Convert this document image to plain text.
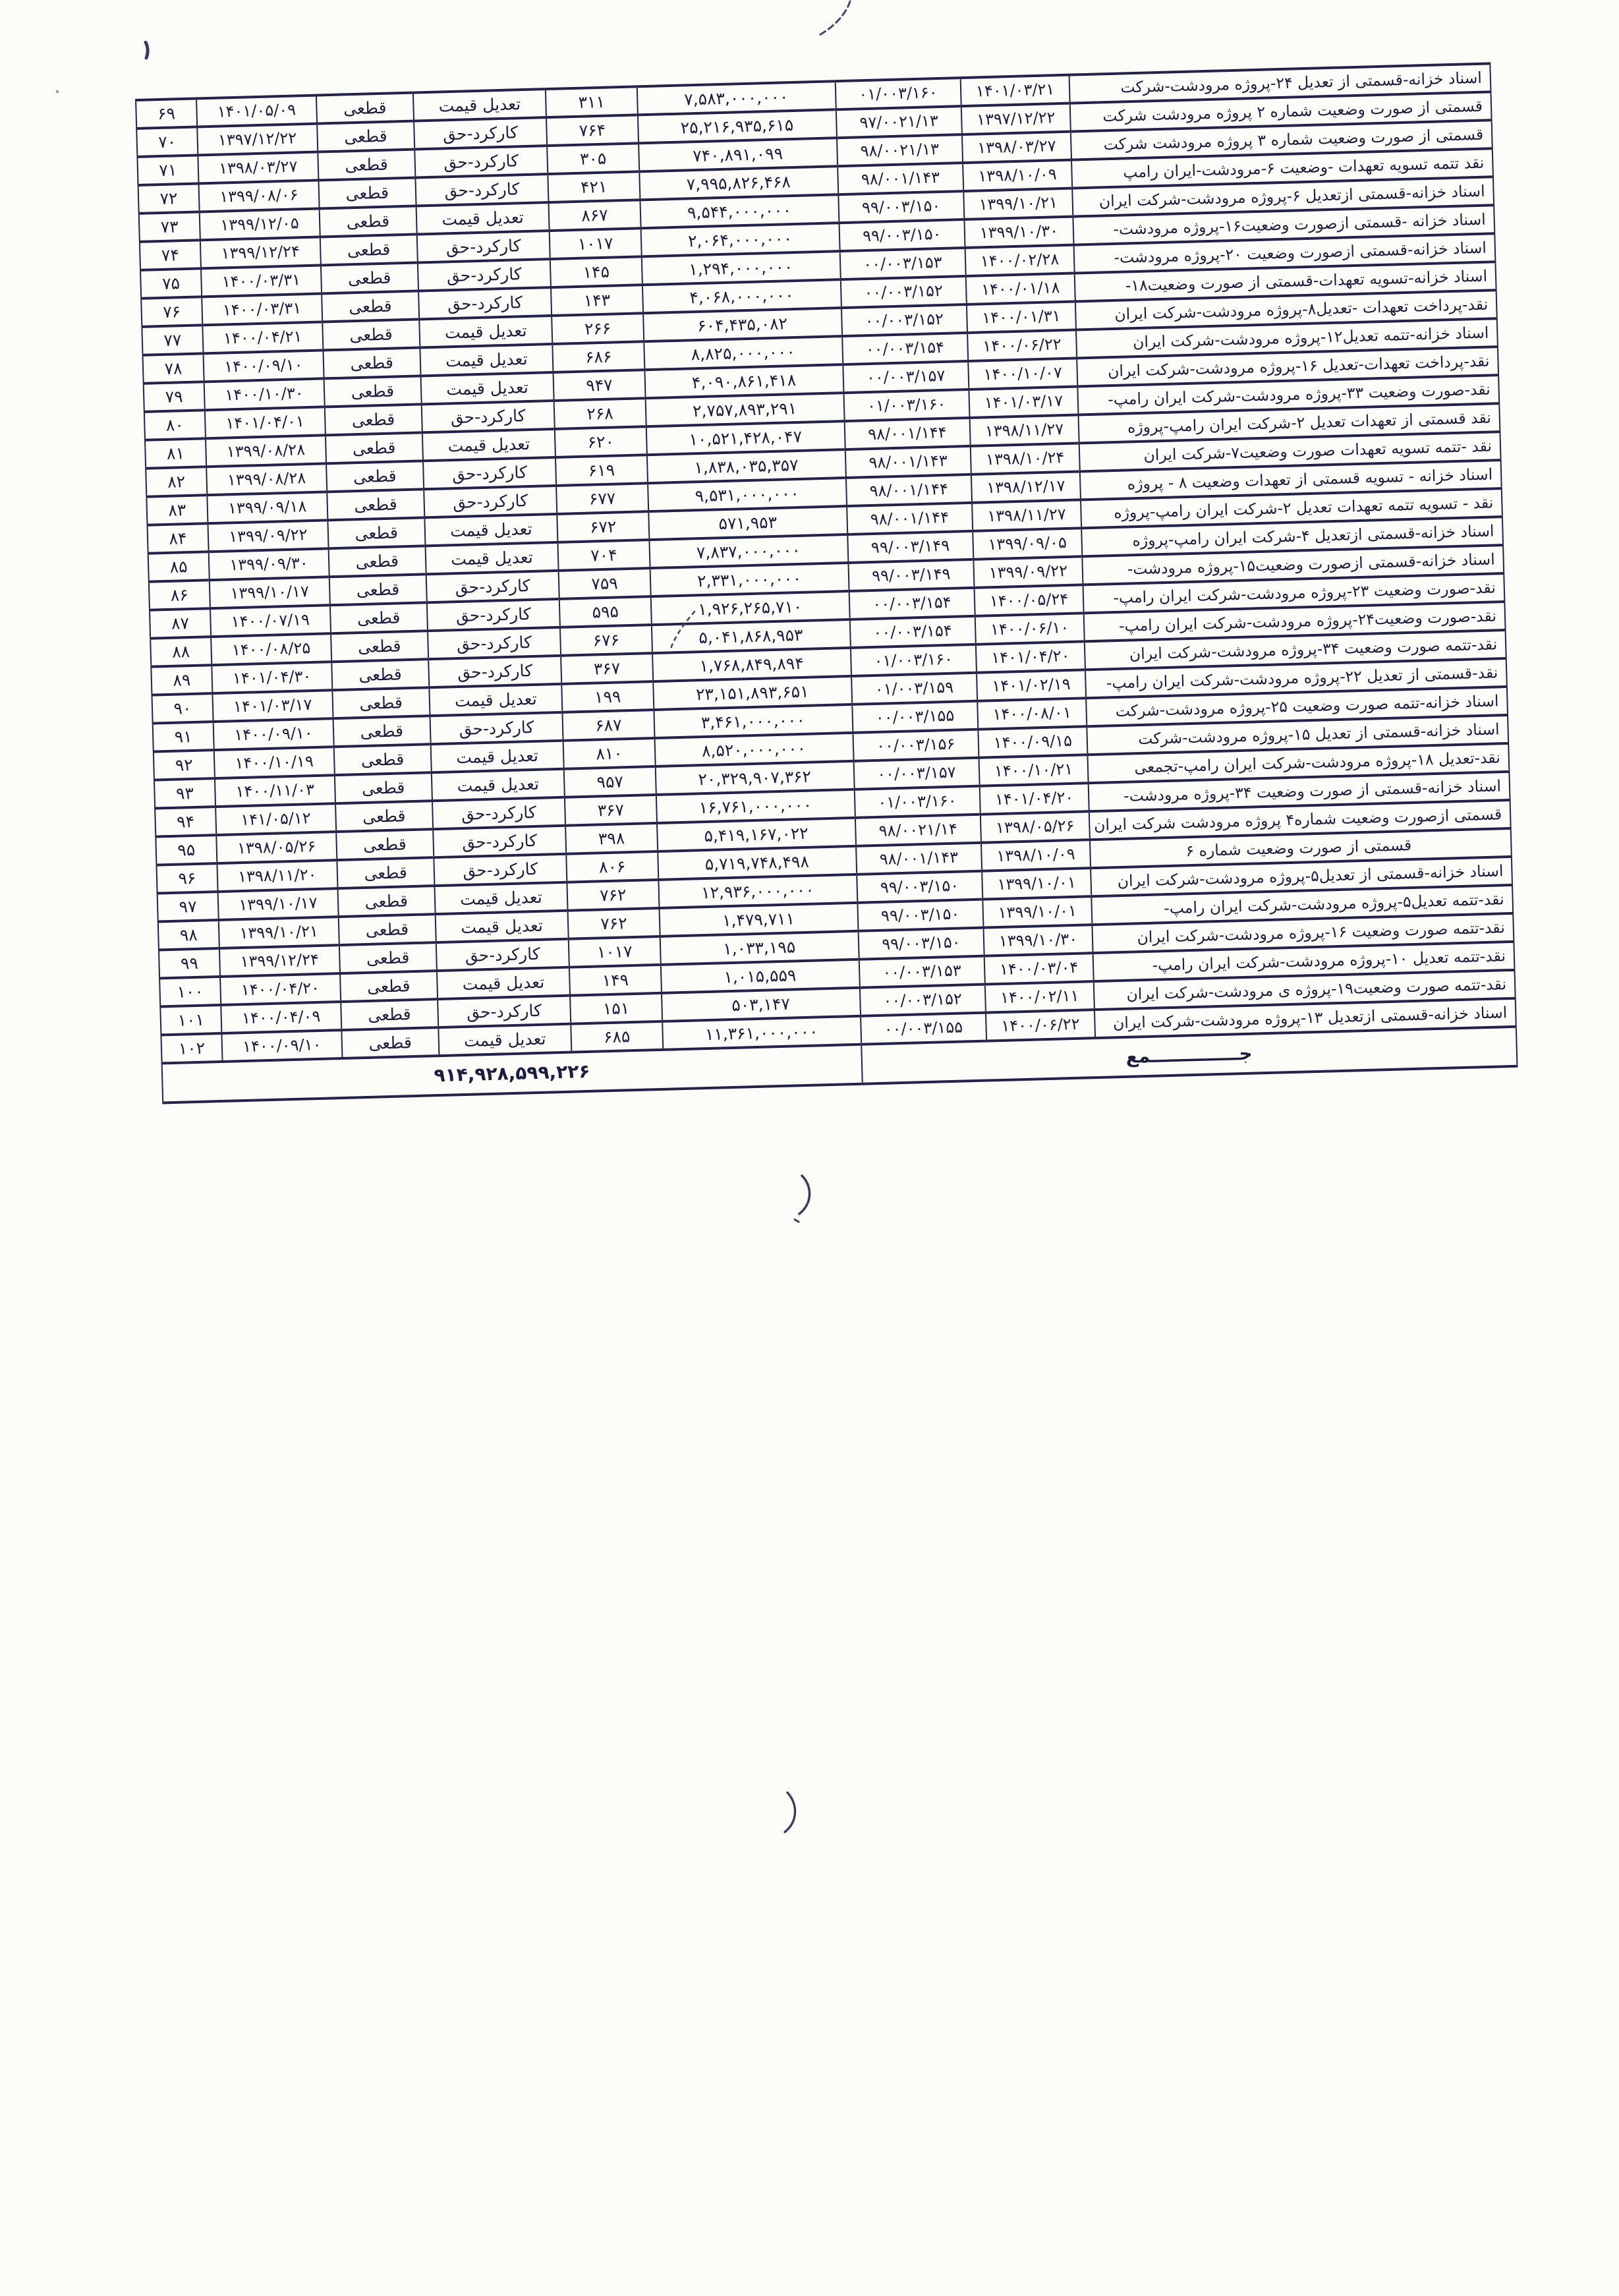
اسناد خزانه-قسمتی از تعدیل ۲۴-پروژه مرودشت-شرکت	۱۴۰۱/۰۳/۲۱	۰۱/۰۰۳/۱۶۰	۷,۵۸۳,۰۰۰,۰۰۰	۳۱۱	تعدیل قیمت	قطعی	۱۴۰۱/۰۵/۰۹	۶۹
قسمتی از صورت وضعیت شماره ۲ پروژه مرودشت شرکت	۱۳۹۷/۱۲/۲۲	۹۷/۰۰۲۱/۱۳	۲۵,۲۱۶,۹۳۵,۶۱۵	۷۶۴	کارکرد-حق	قطعی	۱۳۹۷/۱۲/۲۲	۷۰
قسمتی از صورت وضعیت شماره ۳ پروژه مرودشت شرکت	۱۳۹۸/۰۳/۲۷	۹۸/۰۰۲۱/۱۳	۷۴۰,۸۹۱,۰۹۹	۳۰۵	کارکرد-حق	قطعی	۱۳۹۸/۰۳/۲۷	۷۱
نقد تتمه تسویه تعهدات -وضعیت ۶-مرودشت-ایران رامپ	۱۳۹۸/۱۰/۰۹	۹۸/۰۰۱/۱۴۳	۷,۹۹۵,۸۲۶,۴۶۸	۴۲۱	کارکرد-حق	قطعی	۱۳۹۹/۰۸/۰۶	۷۲
اسناد خزانه-قسمتی ازتعدیل ۶-پروژه مرودشت-شرکت ایران	۱۳۹۹/۱۰/۲۱	۹۹/۰۰۳/۱۵۰	۹,۵۴۴,۰۰۰,۰۰۰	۸۶۷	تعدیل قیمت	قطعی	۱۳۹۹/۱۲/۰۵	۷۳
اسناد خزانه -قسمتی ازصورت وضعیت۱۶-پروژه مرودشت-	۱۳۹۹/۱۰/۳۰	۹۹/۰۰۳/۱۵۰	۲,۰۶۴,۰۰۰,۰۰۰	۱۰۱۷	کارکرد-حق	قطعی	۱۳۹۹/۱۲/۲۴	۷۴
اسناد خزانه-قسمتی ازصورت وضعیت ۲۰-پروژه مرودشت-	۱۴۰۰/۰۲/۲۸	۰۰/۰۰۳/۱۵۳	۱,۲۹۴,۰۰۰,۰۰۰	۱۴۵	کارکرد-حق	قطعی	۱۴۰۰/۰۳/۳۱	۷۵
اسناد خزانه-تسویه تعهدات-قسمتی از صورت وضعیت۱۸-	۱۴۰۰/۰۱/۱۸	۰۰/۰۰۳/۱۵۲	۴,۰۶۸,۰۰۰,۰۰۰	۱۴۳	کارکرد-حق	قطعی	۱۴۰۰/۰۳/۳۱	۷۶
نقد-پرداخت تعهدات -تعدیل۸-پروژه مرودشت-شرکت ایران	۱۴۰۰/۰۱/۳۱	۰۰/۰۰۳/۱۵۲	۶۰۴,۴۳۵,۰۸۲	۲۶۶	تعدیل قیمت	قطعی	۱۴۰۰/۰۴/۲۱	۷۷
اسناد خزانه-تتمه تعدیل۱۲-پروژه مرودشت-شرکت ایران	۱۴۰۰/۰۶/۲۲	۰۰/۰۰۳/۱۵۴	۸,۸۲۵,۰۰۰,۰۰۰	۶۸۶	تعدیل قیمت	قطعی	۱۴۰۰/۰۹/۱۰	۷۸
نقد-پرداخت تعهدات-تعدیل ۱۶-پروژه مرودشت-شرکت ایران	۱۴۰۰/۱۰/۰۷	۰۰/۰۰۳/۱۵۷	۴,۰۹۰,۸۶۱,۴۱۸	۹۴۷	تعدیل قیمت	قطعی	۱۴۰۰/۱۰/۳۰	۷۹
نقد-صورت وضعیت ۳۳-پروژه مرودشت-شرکت ایران رامپ-	۱۴۰۱/۰۳/۱۷	۰۱/۰۰۳/۱۶۰	۲,۷۵۷,۸۹۳,۲۹۱	۲۶۸	کارکرد-حق	قطعی	۱۴۰۱/۰۴/۰۱	۸۰
نقد قسمتی از تعهدات تعدیل ۲-شرکت ایران رامپ-پروژه	۱۳۹۸/۱۱/۲۷	۹۸/۰۰۱/۱۴۴	۱۰,۵۲۱,۴۲۸,۰۴۷	۶۲۰	تعدیل قیمت	قطعی	۱۳۹۹/۰۸/۲۸	۸۱
نقد -تتمه تسویه تعهدات صورت وضعیت۷-شرکت ایران	۱۳۹۸/۱۰/۲۴	۹۸/۰۰۱/۱۴۳	۱,۸۳۸,۰۳۵,۳۵۷	۶۱۹	کارکرد-حق	قطعی	۱۳۹۹/۰۸/۲۸	۸۲
اسناد خزانه - تسویه قسمتی از تعهدات وضعیت ۸ - پروژه	۱۳۹۸/۱۲/۱۷	۹۸/۰۰۱/۱۴۴	۹,۵۳۱,۰۰۰,۰۰۰	۶۷۷	کارکرد-حق	قطعی	۱۳۹۹/۰۹/۱۸	۸۳
نقد - تسویه تتمه تعهدات تعدیل ۲-شرکت ایران رامپ-پروژه	۱۳۹۸/۱۱/۲۷	۹۸/۰۰۱/۱۴۴	۵۷۱,۹۵۳	۶۷۲	تعدیل قیمت	قطعی	۱۳۹۹/۰۹/۲۲	۸۴
اسناد خزانه-قسمتی ازتعدیل ۴-شرکت ایران رامپ-پروژه	۱۳۹۹/۰۹/۰۵	۹۹/۰۰۳/۱۴۹	۷,۸۳۷,۰۰۰,۰۰۰	۷۰۴	تعدیل قیمت	قطعی	۱۳۹۹/۰۹/۳۰	۸۵
اسناد خزانه-قسمتی ازصورت وضعیت۱۵-پروژه مرودشت-	۱۳۹۹/۰۹/۲۲	۹۹/۰۰۳/۱۴۹	۲,۳۳۱,۰۰۰,۰۰۰	۷۵۹	کارکرد-حق	قطعی	۱۳۹۹/۱۰/۱۷	۸۶
نقد-صورت وضعیت ۲۳-پروژه مرودشت-شرکت ایران رامپ-	۱۴۰۰/۰۵/۲۴	۰۰/۰۰۳/۱۵۴	۱,۹۲۶,۲۶۵,۷۱۰	۵۹۵	کارکرد-حق	قطعی	۱۴۰۰/۰۷/۱۹	۸۷
نقد-صورت وضعیت۲۴-پروژه مرودشت-شرکت ایران رامپ-	۱۴۰۰/۰۶/۱۰	۰۰/۰۰۳/۱۵۴	۵,۰۴۱,۸۶۸,۹۵۳	۶۷۶	کارکرد-حق	قطعی	۱۴۰۰/۰۸/۲۵	۸۸
نقد-تتمه صورت وضعیت ۳۴-پروژه مرودشت-شرکت ایران	۱۴۰۱/۰۴/۲۰	۰۱/۰۰۳/۱۶۰	۱,۷۶۸,۸۴۹,۸۹۴	۳۶۷	کارکرد-حق	قطعی	۱۴۰۱/۰۴/۳۰	۸۹
نقد-قسمتی از تعدیل ۲۲-پروژه مرودشت-شرکت ایران رامپ-	۱۴۰۱/۰۲/۱۹	۰۱/۰۰۳/۱۵۹	۲۳,۱۵۱,۸۹۳,۶۵۱	۱۹۹	تعدیل قیمت	قطعی	۱۴۰۱/۰۳/۱۷	۹۰
اسناد خزانه-تتمه صورت وضعیت ۲۵-پروژه مرودشت-شرکت	۱۴۰۰/۰۸/۰۱	۰۰/۰۰۳/۱۵۵	۳,۴۶۱,۰۰۰,۰۰۰	۶۸۷	کارکرد-حق	قطعی	۱۴۰۰/۰۹/۱۰	۹۱
اسناد خزانه-قسمتی از تعدیل ۱۵-پروژه مرودشت-شرکت	۱۴۰۰/۰۹/۱۵	۰۰/۰۰۳/۱۵۶	۸,۵۲۰,۰۰۰,۰۰۰	۸۱۰	تعدیل قیمت	قطعی	۱۴۰۰/۱۰/۱۹	۹۲
نقد-تعدیل ۱۸-پروژه مرودشت-شرکت ایران رامپ-تجمعی	۱۴۰۰/۱۰/۲۱	۰۰/۰۰۳/۱۵۷	۲۰,۳۲۹,۹۰۷,۳۶۲	۹۵۷	تعدیل قیمت	قطعی	۱۴۰۰/۱۱/۰۳	۹۳
اسناد خزانه-قسمتی از صورت وضعیت ۳۴-پروژه مرودشت-	۱۴۰۱/۰۴/۲۰	۰۱/۰۰۳/۱۶۰	۱۶,۷۶۱,۰۰۰,۰۰۰	۳۶۷	کارکرد-حق	قطعی	۱۴۱/۰۵/۱۲	۹۴
قسمتی ازصورت وضعیت شماره۴ پروژه مرودشت شرکت ایران	۱۳۹۸/۰۵/۲۶	۹۸/۰۰۲۱/۱۴	۵,۴۱۹,۱۶۷,۰۲۲	۳۹۸	کارکرد-حق	قطعی	۱۳۹۸/۰۵/۲۶	۹۵
قسمتی از صورت وضعیت شماره ۶	۱۳۹۸/۱۰/۰۹	۹۸/۰۰۱/۱۴۳	۵,۷۱۹,۷۴۸,۴۹۸	۸۰۶	کارکرد-حق	قطعی	۱۳۹۸/۱۱/۲۰	۹۶
اسناد خزانه-قسمتی از تعدیل۵-پروژه مرودشت-شرکت ایران	۱۳۹۹/۱۰/۰۱	۹۹/۰۰۳/۱۵۰	۱۲,۹۳۶,۰۰۰,۰۰۰	۷۶۲	تعدیل قیمت	قطعی	۱۳۹۹/۱۰/۱۷	۹۷
نقد-تتمه تعدیل۵-پروژه مرودشت-شرکت ایران رامپ-	۱۳۹۹/۱۰/۰۱	۹۹/۰۰۳/۱۵۰	۱,۴۷۹,۷۱۱	۷۶۲	تعدیل قیمت	قطعی	۱۳۹۹/۱۰/۲۱	۹۸
نقد-تتمه صورت وضعیت ۱۶-پروژه مرودشت-شرکت ایران	۱۳۹۹/۱۰/۳۰	۹۹/۰۰۳/۱۵۰	۱,۰۳۳,۱۹۵	۱۰۱۷	کارکرد-حق	قطعی	۱۳۹۹/۱۲/۲۴	۹۹
نقد-تتمه تعدیل ۱۰-پروژه مرودشت-شرکت ایران رامپ-	۱۴۰۰/۰۳/۰۴	۰۰/۰۰۳/۱۵۳	۱,۰۱۵,۵۵۹	۱۴۹	تعدیل قیمت	قطعی	۱۴۰۰/۰۴/۲۰	۱۰۰
نقد-تتمه صورت وضعیت۱۹-پروژه ی مرودشت-شرکت ایران	۱۴۰۰/۰۲/۱۱	۰۰/۰۰۳/۱۵۲	۵۰۳,۱۴۷	۱۵۱	کارکرد-حق	قطعی	۱۴۰۰/۰۴/۰۹	۱۰۱
اسناد خزانه-قسمتی ازتعدیل ۱۳-پروژه مرودشت-شرکت ایران	۱۴۰۰/۰۶/۲۲	۰۰/۰۰۳/۱۵۵	۱۱,۳۶۱,۰۰۰,۰۰۰	۶۸۵	تعدیل قیمت	قطعی	۱۴۰۰/۰۹/۱۰	۱۰۲
جــــــــــــــمع			۹۱۴,۹۲۸,۵۹۹,۲۲۶					
